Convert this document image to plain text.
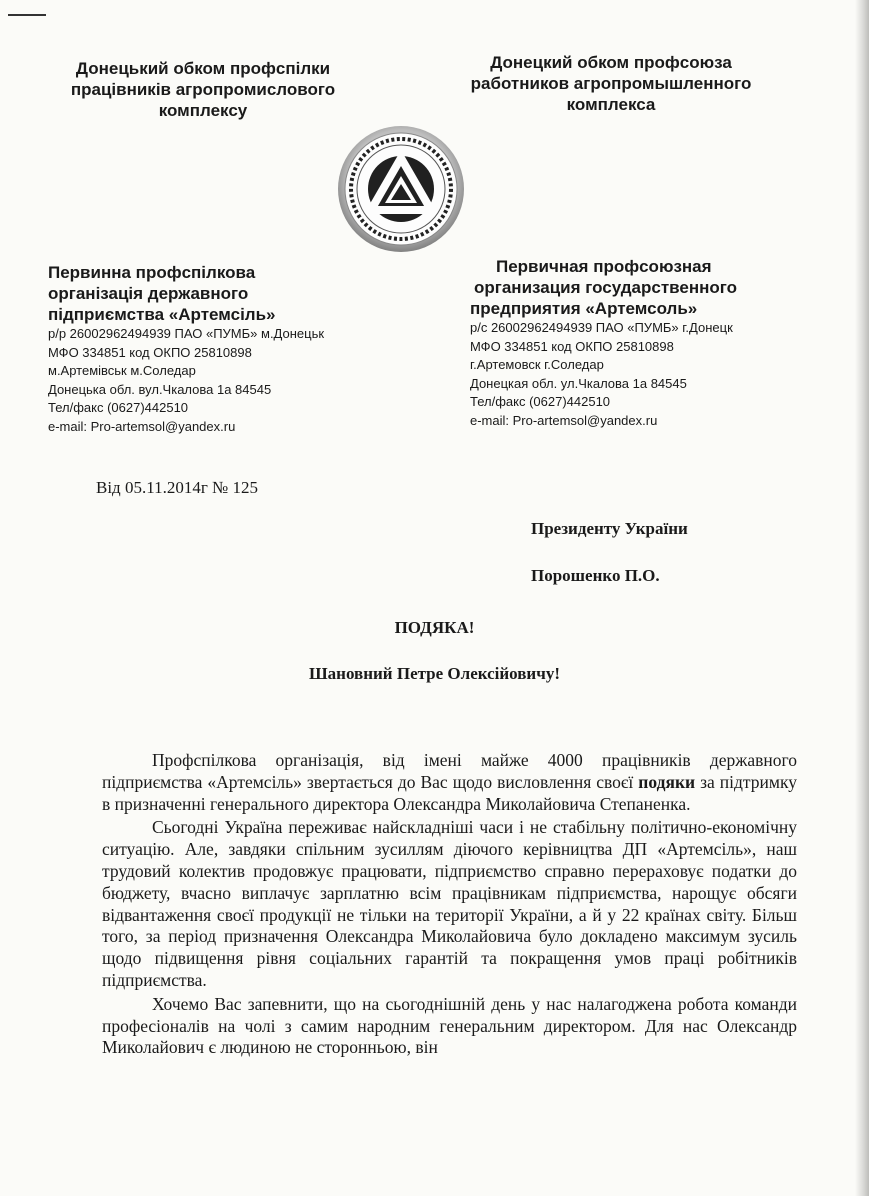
Донецький обком профспілки
працівників агропромислового
комплексу
Донецкий обком профсоюза
работников агропромышленного
комплекса
Первинна профспілкова
організація державного
підприємства «Артемсіль»
р/р 26002962494939 ПАО «ПУМБ» м.Донецьк
МФО 334851 код ОКПО 25810898
м.Артемівськ м.Соледар
Донецька обл. вул.Чкалова 1а 84545
Тел/факс (0627)442510
e-mail: Pro-artemsol@yandex.ru
Первичная профсоюзная
организация государственного
предприятия «Артемсоль»
р/с 26002962494939 ПАО «ПУМБ» г.Донецк
МФО 334851 код ОКПО 25810898
г.Артемовск г.Соледар
Донецкая обл. ул.Чкалова 1а 84545
Тел/факс (0627)442510
e-mail: Pro-artemsol@yandex.ru
Від 05.11.2014г № 125
Президенту України
Порошенко П.О.
ПОДЯКА!
Шановний Петре Олексійовичу!

Профспілкова організація, від імені майже 4000 працівників державного підприємства «Артемсіль» звертається до Вас щодо висловлення своєї подяки за підтримку в призначенні генерального директора Олександра Миколайовича Степаненка.

Сьогодні Україна переживає найскладніші часи і не стабільну політично-економічну ситуацію. Але, завдяки спільним зусиллям діючого керівництва ДП «Артемсіль», наш трудовий колектив продовжує працювати, підприємство справно перераховує податки до бюджету, вчасно виплачує зарплатню всім працівникам підприємства, нарощує обсяги відвантаження своєї продукції не тільки на території України, а й у 22 країнах світу. Більш того, за період призначення Олександра Миколайовича було докладено максимум зусиль щодо підвищення рівня соціальних гарантій та покращення умов праці робітників підприємства.

Хочемо Вас запевнити, що на сьогоднішній день у нас налагоджена робота команди професіоналів на чолі з самим народним генеральним директором. Для нас Олександр Миколайович є людиною не сторонньою, він
